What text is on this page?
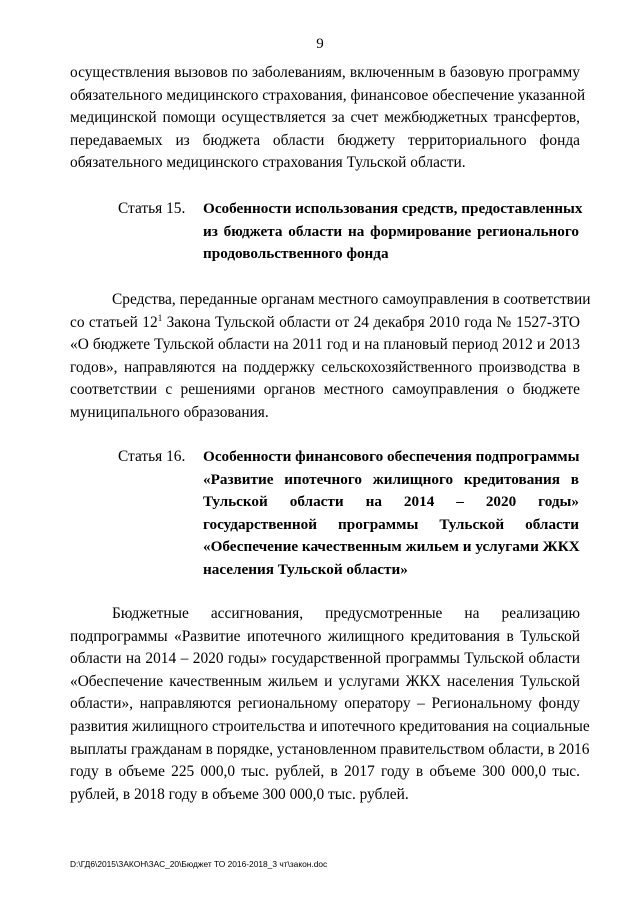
9
осуществления вызовов по заболеваниям, включенным в базовую программу
обязательного медицинского страхования, финансовое обеспечение указанной
медицинской помощи осуществляется за счет межбюджетных трансфертов,
передаваемых из бюджета области бюджету территориального фонда
обязательного медицинского страхования Тульской области.
Статья 15. Особенности использования средств, предоставленных
из бюджета области на формирование регионального
продовольственного фонда
Средства, переданные органам местного самоуправления в соответствии
со статьей $12^1$ Закона Тульской области от 24 декабря 2010 года № 1527-ЗТО
«О бюджете Тульской области на 2011 год и на плановый период 2012 и 2013
годов», направляются на поддержку сельскохозяйственного производства в
соответствии с решениями органов местного самоуправления о бюджете
муниципального образования.
Статья 16. Особенности финансового обеспечения подпрограммы
«Развитие ипотечного жилищного кредитования в
Тульской области на 2014 – 2020 годы»
государственной программы Тульской области
«Обеспечение качественным жильем и услугами ЖКХ
населения Тульской области»
Бюджетные ассигнования, предусмотренные на реализацию
подпрограммы «Развитие ипотечного жилищного кредитования в Тульской
области на 2014 – 2020 годы» государственной программы Тульской области
«Обеспечение качественным жильем и услугами ЖКХ населения Тульской
области», направляются региональному оператору – Региональному фонду
развития жилищного строительства и ипотечного кредитования на социальные
выплаты гражданам в порядке, установленном правительством области, в 2016
году в объеме 225 000,0 тыс. рублей, в 2017 году в объеме 300 000,0 тыс.
рублей, в 2018 году в объеме 300 000,0 тыс. рублей.
D:\ГД6\2015\ЗАКОН\ЗАС_20\Бюджет ТО 2016-2018_3 чт\закон.doc
